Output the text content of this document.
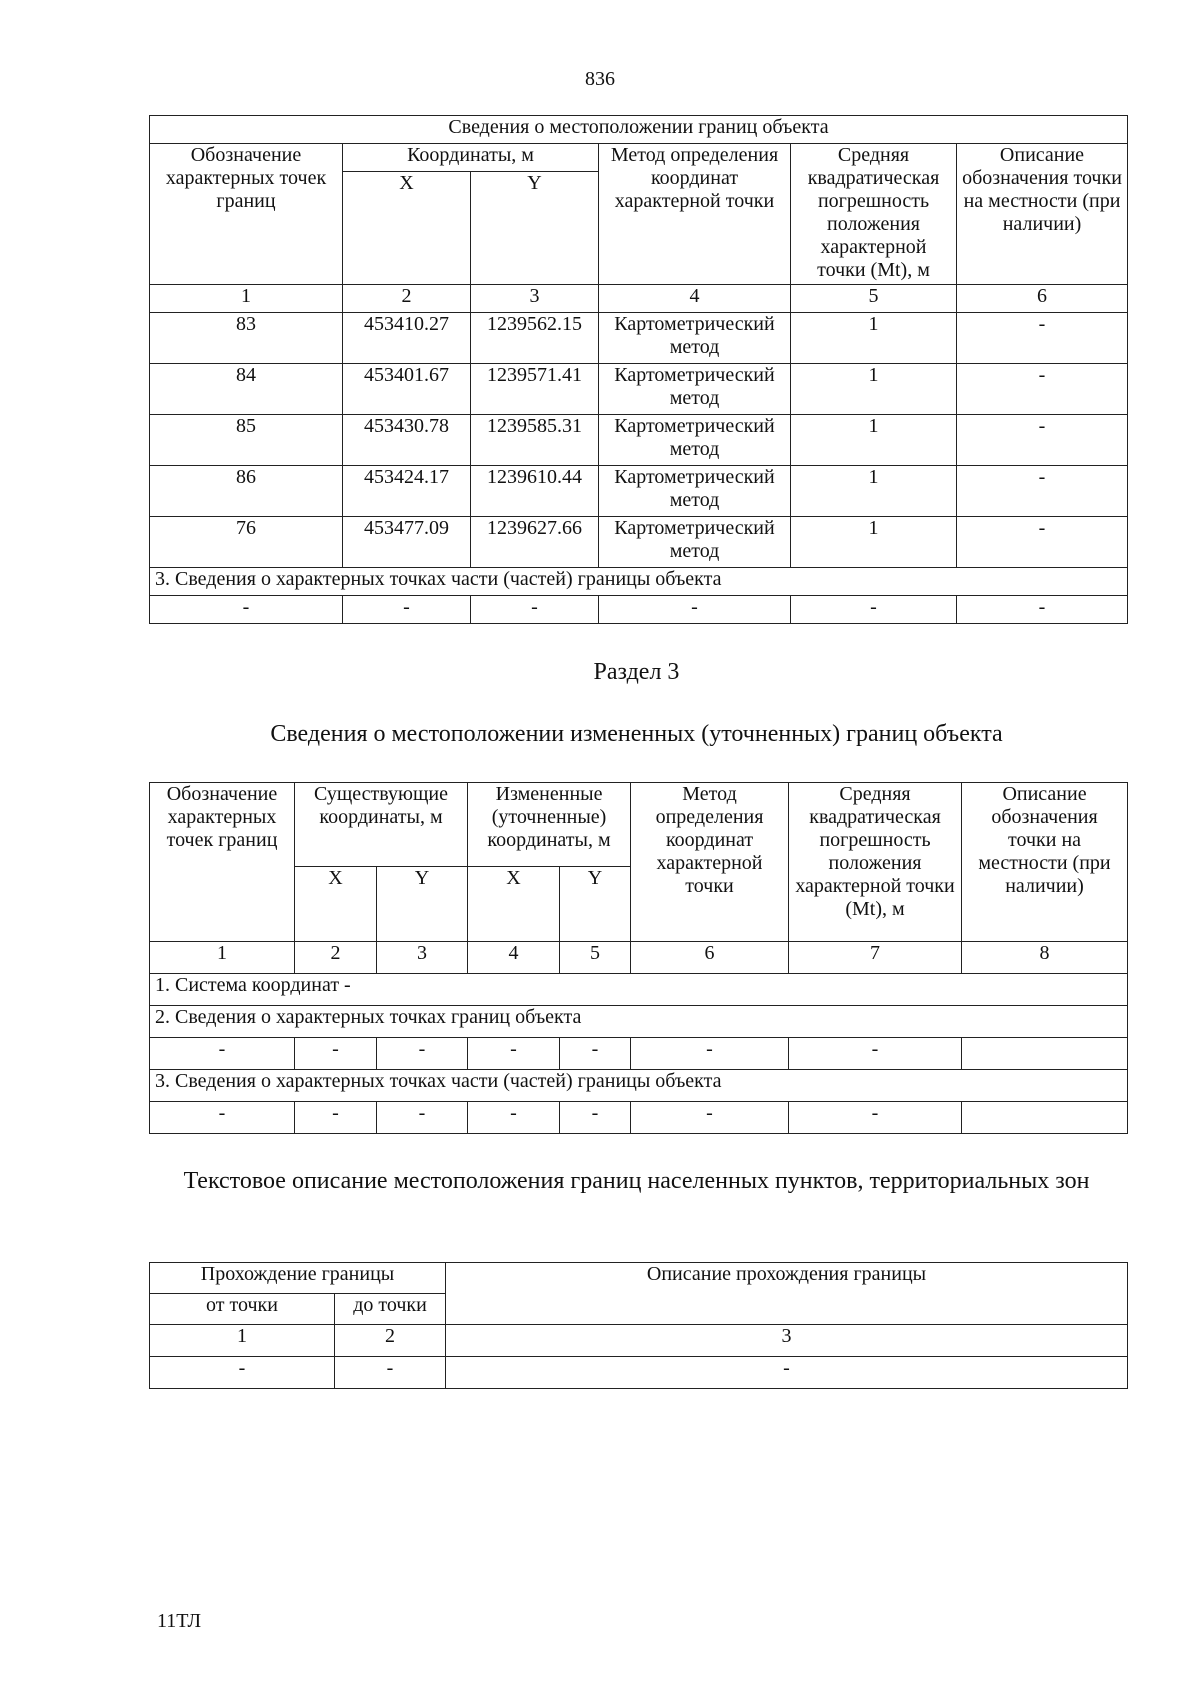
836
Сведения о местоположении границ объекта					
Обозначение характерных точек границ	Координаты, м		Метод определения координат характерной точки	Средняя квадратическая погрешность положения характерной точки (Mt), м	Описание обозначения точки на местности (при наличии)
	X	Y			
1	2	3	4	5	6
83	453410.27	1239562.15	Картометрический метод	1	-
84	453401.67	1239571.41	Картометрический метод	1	-
85	453430.78	1239585.31	Картометрический метод	1	-
86	453424.17	1239610.44	Картометрический метод	1	-
76	453477.09	1239627.66	Картометрический метод	1	-
3. Сведения о характерных точках части (частей) границы объекта					
-	-	-	-	-	-
Раздел 3
Сведения о местоположении измененных (уточненных) границ объекта
Обозначение характерных точек границ	Существующие координаты, м		Измененные (уточненные) координаты, м		Метод определения координат характерной точки	Средняя квадратическая погрешность положения характерной точки (Mt), м	Описание обозначения точки на местности (при наличии)
	X	Y	X	Y			
1	2	3	4	5	6	7	8
1. Система координат -							
2. Сведения о характерных точках границ объекта							
-	-	-	-	-	-	-	
3. Сведения о характерных точках части (частей) границы объекта							
-	-	-	-	-	-	-	
Текстовое описание местоположения границ населенных пунктов, территориальных зон
Прохождение границы		Описание прохождения границы
от точки	до точки	
1	2	3
-	-	-
11ТЛ
